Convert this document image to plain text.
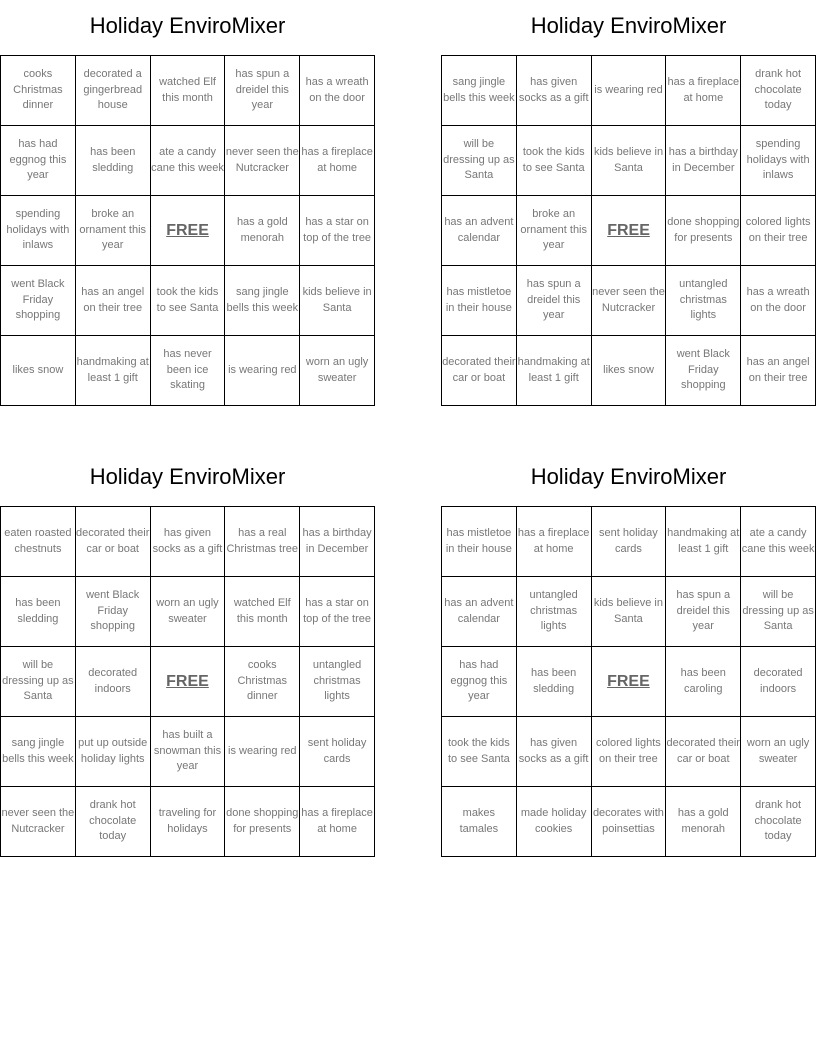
Holiday EnviroMixer
cooks Christmas dinner	decorated a gingerbread house	watched Elf this month	has spun a dreidel this year	has a wreath on the door
has had eggnog this year	has been sledding	ate a candy cane this week	never seen the Nutcracker	has a fireplace at home
spending holidays with inlaws	broke an ornament this year	FREE	has a gold menorah	has a star on top of the tree
went Black Friday shopping	has an angel on their tree	took the kids to see Santa	sang jingle bells this week	kids believe in Santa
likes snow	handmaking at least 1 gift	has never been ice skating	is wearing red	worn an ugly sweater
Holiday EnviroMixer
sang jingle bells this week	has given socks as a gift	is wearing red	has a fireplace at home	drank hot chocolate today
will be dressing up as Santa	took the kids to see Santa	kids believe in Santa	has a birthday in December	spending holidays with inlaws
has an advent calendar	broke an ornament this year	FREE	done shopping for presents	colored lights on their tree
has mistletoe in their house	has spun a dreidel this year	never seen the Nutcracker	untangled christmas lights	has a wreath on the door
decorated their car or boat	handmaking at least 1 gift	likes snow	went Black Friday shopping	has an angel on their tree
Holiday EnviroMixer
eaten roasted chestnuts	decorated their car or boat	has given socks as a gift	has a real Christmas tree	has a birthday in December
has been sledding	went Black Friday shopping	worn an ugly sweater	watched Elf this month	has a star on top of the tree
will be dressing up as Santa	decorated indoors	FREE	cooks Christmas dinner	untangled christmas lights
sang jingle bells this week	put up outside holiday lights	has built a snowman this year	is wearing red	sent holiday cards
never seen the Nutcracker	drank hot chocolate today	traveling for holidays	done shopping for presents	has a fireplace at home
Holiday EnviroMixer
has mistletoe in their house	has a fireplace at home	sent holiday cards	handmaking at least 1 gift	ate a candy cane this week
has an advent calendar	untangled christmas lights	kids believe in Santa	has spun a dreidel this year	will be dressing up as Santa
has had eggnog this year	has been sledding	FREE	has been caroling	decorated indoors
took the kids to see Santa	has given socks as a gift	colored lights on their tree	decorated their car or boat	worn an ugly sweater
makes tamales	made holiday cookies	decorates with poinsettias	has a gold menorah	drank hot chocolate today
